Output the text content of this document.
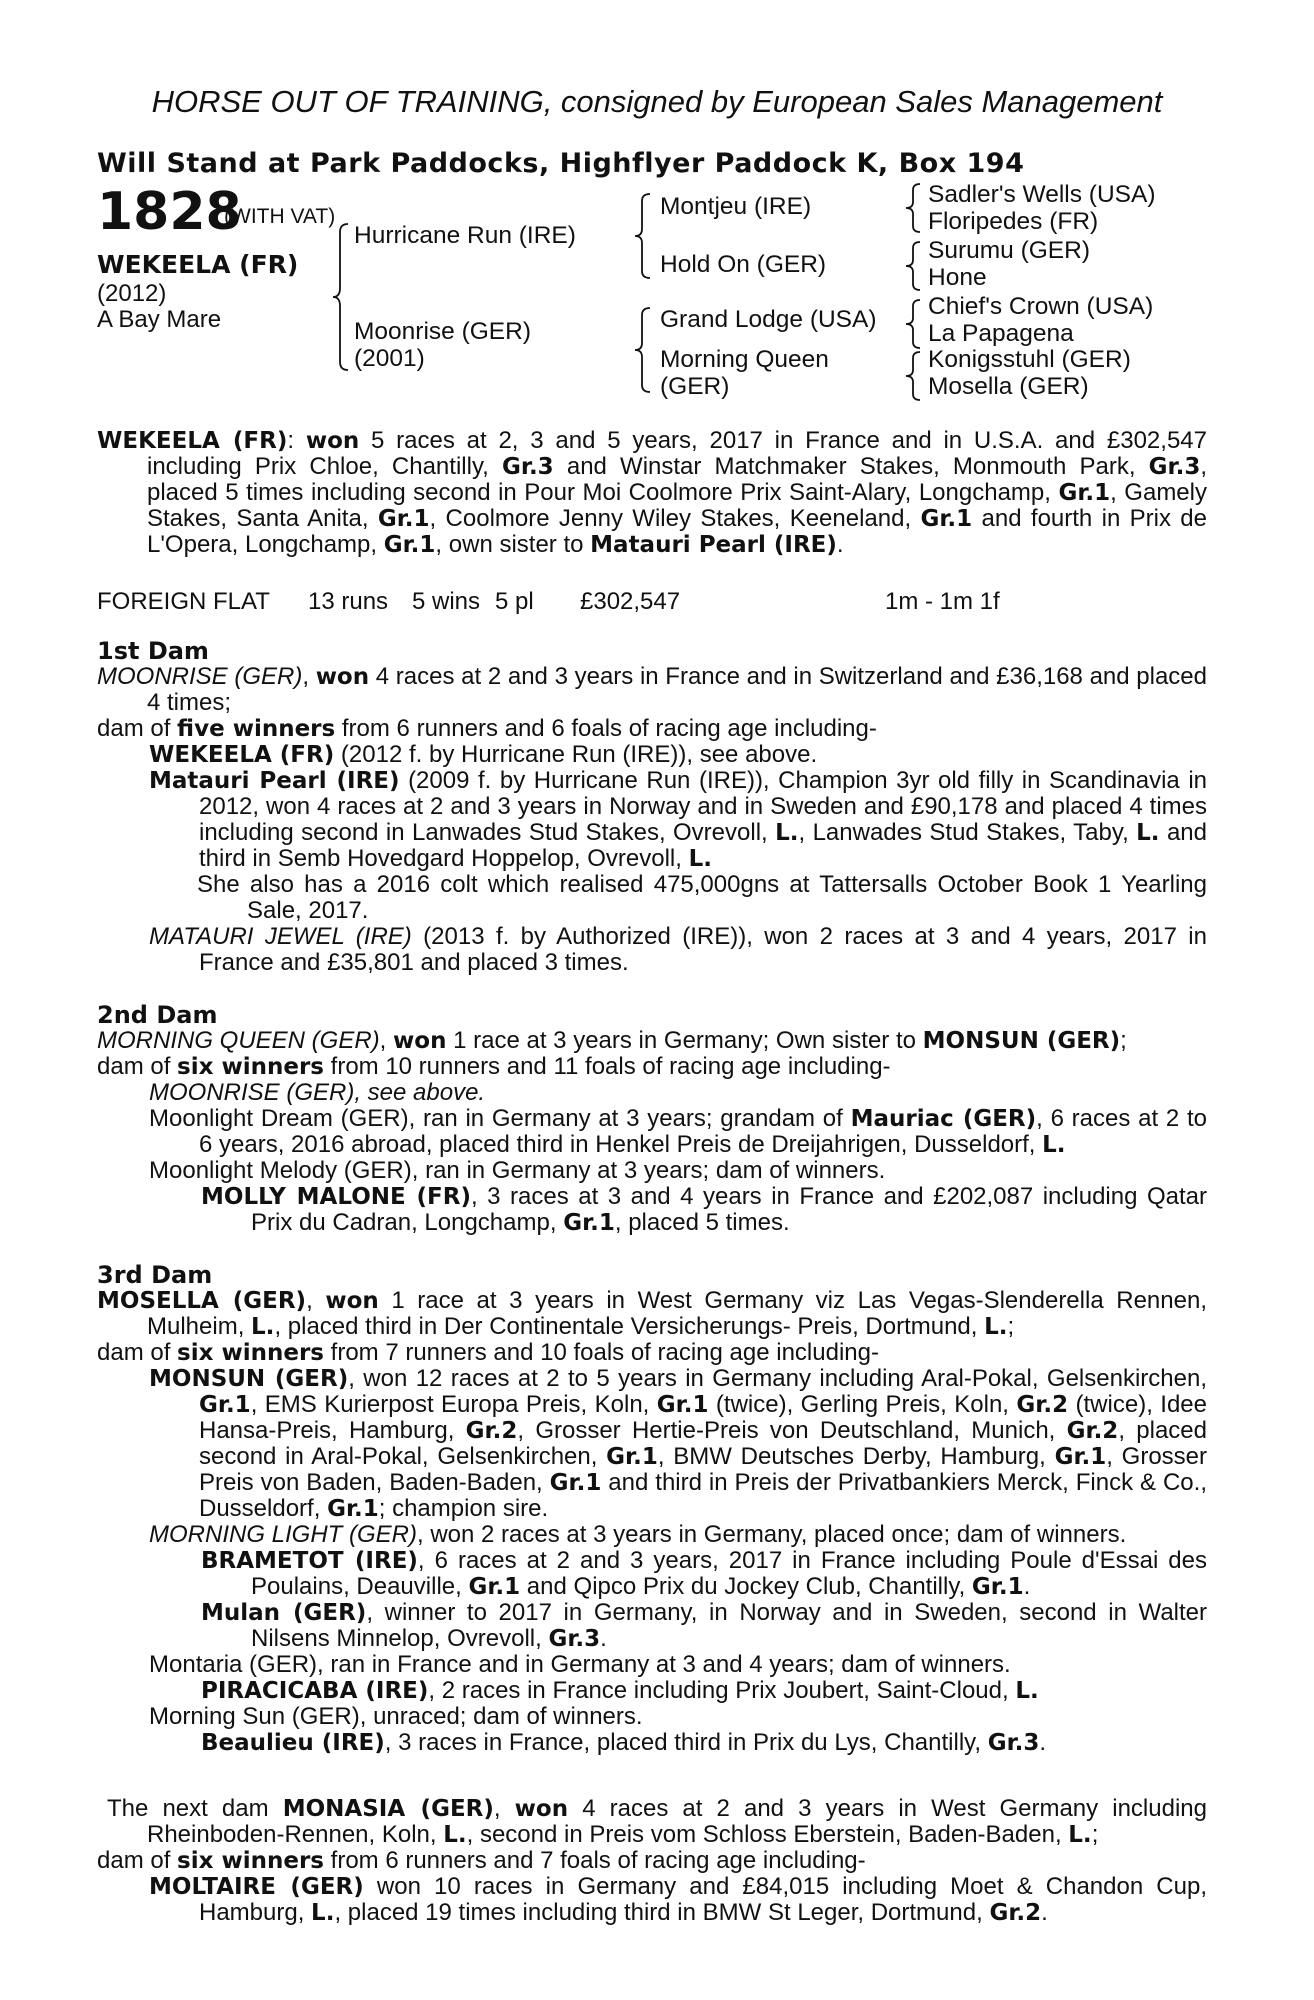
HORSE OUT OF TRAINING, consigned by European Sales Management
Will Stand at Park Paddocks, Highflyer Paddock K, Box 194
1828
(WITH VAT)
WEKEELA (FR)
(2012)
A Bay Mare
Hurricane Run (IRE)
Moonrise (GER)
(2001)
Montjeu (IRE)
Hold On (GER)
Grand Lodge (USA)
Morning Queen
(GER)
Sadler's Wells (USA)
Floripedes (FR)
Surumu (GER)
Hone
Chief's Crown (USA)
La Papagena
Konigsstuhl (GER)
Mosella (GER)

WEKEELA (FR): won 5 races at 2, 3 and 5 years, 2017 in France and in U.S.A. and £302,547 including Prix Chloe, Chantilly, Gr.3 and Winstar Matchmaker Stakes, Monmouth Park, Gr.3, placed 5 times including second in Pour Moi Coolmore Prix Saint-Alary, Longchamp, Gr.1, Gamely Stakes, Santa Anita, Gr.1, Coolmore Jenny Wiley Stakes, Keeneland, Gr.1 and fourth in Prix de L'Opera, Longchamp, Gr.1, own sister to Matauri Pearl (IRE).

FOREIGN FLAT 13 runs 5 wins 5 pl £302,547	1m - 1m 1f

1st Dam

MOONRISE (GER), won 4 races at 2 and 3 years in France and in Switzerland and £36,168 and placed 4 times;

dam of five winners from 6 runners and 6 foals of racing age including-

WEKEELA (FR) (2012 f. by Hurricane Run (IRE)), see above.

Matauri Pearl (IRE) (2009 f. by Hurricane Run (IRE)), Champion 3yr old filly in Scandinavia in 2012, won 4 races at 2 and 3 years in Norway and in Sweden and £90,178 and placed 4 times including second in Lanwades Stud Stakes, Ovrevoll, L., Lanwades Stud Stakes, Taby, L. and third in Semb Hovedgard Hoppelop, Ovrevoll, L.

She also has a 2016 colt which realised 475,000gns at Tattersalls October Book 1 Yearling Sale, 2017.

MATAURI JEWEL (IRE) (2013 f. by Authorized (IRE)), won 2 races at 3 and 4 years, 2017 in France and £35,801 and placed 3 times.

2nd Dam

MORNING QUEEN (GER), won 1 race at 3 years in Germany; Own sister to MONSUN (GER);

dam of six winners from 10 runners and 11 foals of racing age including-

MOONRISE (GER), see above.

Moonlight Dream (GER), ran in Germany at 3 years; grandam of Mauriac (GER), 6 races at 2 to 6 years, 2016 abroad, placed third in Henkel Preis de Dreijahrigen, Dusseldorf, L.

Moonlight Melody (GER), ran in Germany at 3 years; dam of winners.

MOLLY MALONE (FR), 3 races at 3 and 4 years in France and £202,087 including Qatar Prix du Cadran, Longchamp, Gr.1, placed 5 times.

3rd Dam

MOSELLA (GER), won 1 race at 3 years in West Germany viz Las Vegas-Slenderella Rennen, Mulheim, L., placed third in Der Continentale Versicherungs- Preis, Dortmund, L.;

dam of six winners from 7 runners and 10 foals of racing age including-

MONSUN (GER), won 12 races at 2 to 5 years in Germany including Aral-Pokal, Gelsenkirchen, Gr.1, EMS Kurierpost Europa Preis, Koln, Gr.1 (twice), Gerling Preis, Koln, Gr.2 (twice), Idee Hansa-Preis, Hamburg, Gr.2, Grosser Hertie-Preis von Deutschland, Munich, Gr.2, placed second in Aral-Pokal, Gelsenkirchen, Gr.1, BMW Deutsches Derby, Hamburg, Gr.1, Grosser Preis von Baden, Baden-Baden, Gr.1 and third in Preis der Privatbankiers Merck, Finck & Co., Dusseldorf, Gr.1; champion sire.

MORNING LIGHT (GER), won 2 races at 3 years in Germany, placed once; dam of winners.

BRAMETOT (IRE), 6 races at 2 and 3 years, 2017 in France including Poule d'Essai des Poulains, Deauville, Gr.1 and Qipco Prix du Jockey Club, Chantilly, Gr.1.

Mulan (GER), winner to 2017 in Germany, in Norway and in Sweden, second in Walter Nilsens Minnelop, Ovrevoll, Gr.3.

Montaria (GER), ran in France and in Germany at 3 and 4 years; dam of winners.

PIRACICABA (IRE), 2 races in France including Prix Joubert, Saint-Cloud, L.

Morning Sun (GER), unraced; dam of winners.

Beaulieu (IRE), 3 races in France, placed third in Prix du Lys, Chantilly, Gr.3.

The next dam MONASIA (GER), won 4 races at 2 and 3 years in West Germany including Rheinboden-Rennen, Koln, L., second in Preis vom Schloss Eberstein, Baden-Baden, L.;

dam of six winners from 6 runners and 7 foals of racing age including-

MOLTAIRE (GER) won 10 races in Germany and £84,015 including Moet & Chandon Cup, Hamburg, L., placed 19 times including third in BMW St Leger, Dortmund, Gr.2.
